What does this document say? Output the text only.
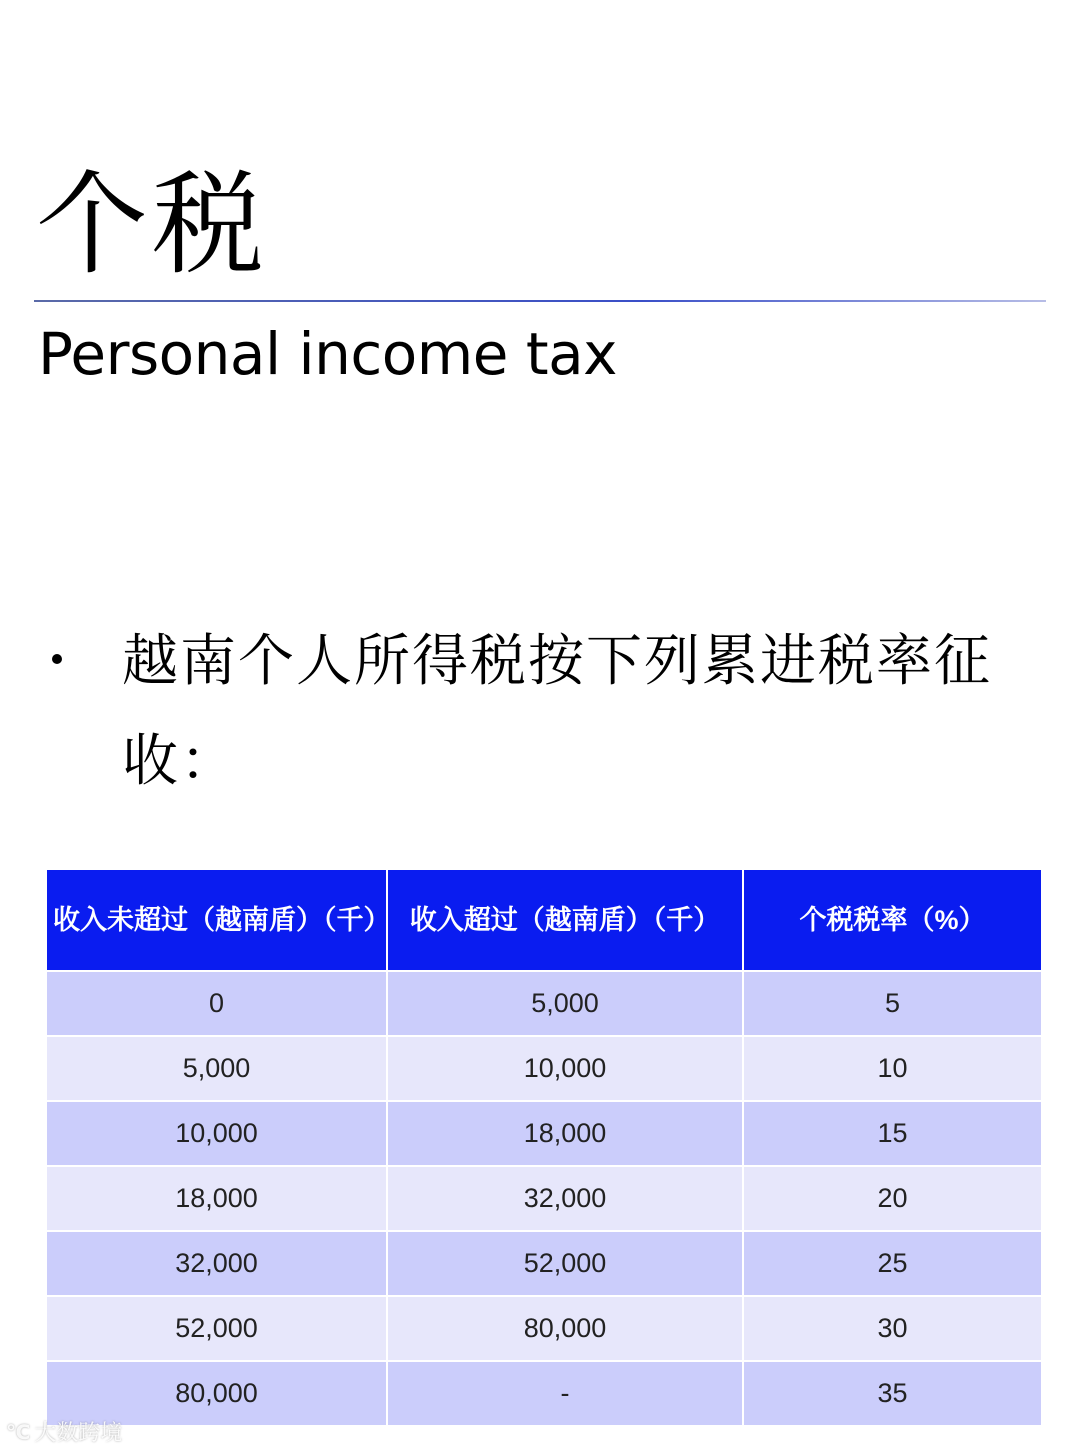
个税
Personal income tax
越南个人所得税按下列累进税率征收：
收入未超过（越南盾）（千）	收入超过（越南盾）（千）	个税税率（%）
0	5,000	5
5,000	10,000	10
10,000	18,000	15
18,000	32,000	20
32,000	52,000	25
52,000	80,000	30
80,000	-	35
℃ 大数跨境
